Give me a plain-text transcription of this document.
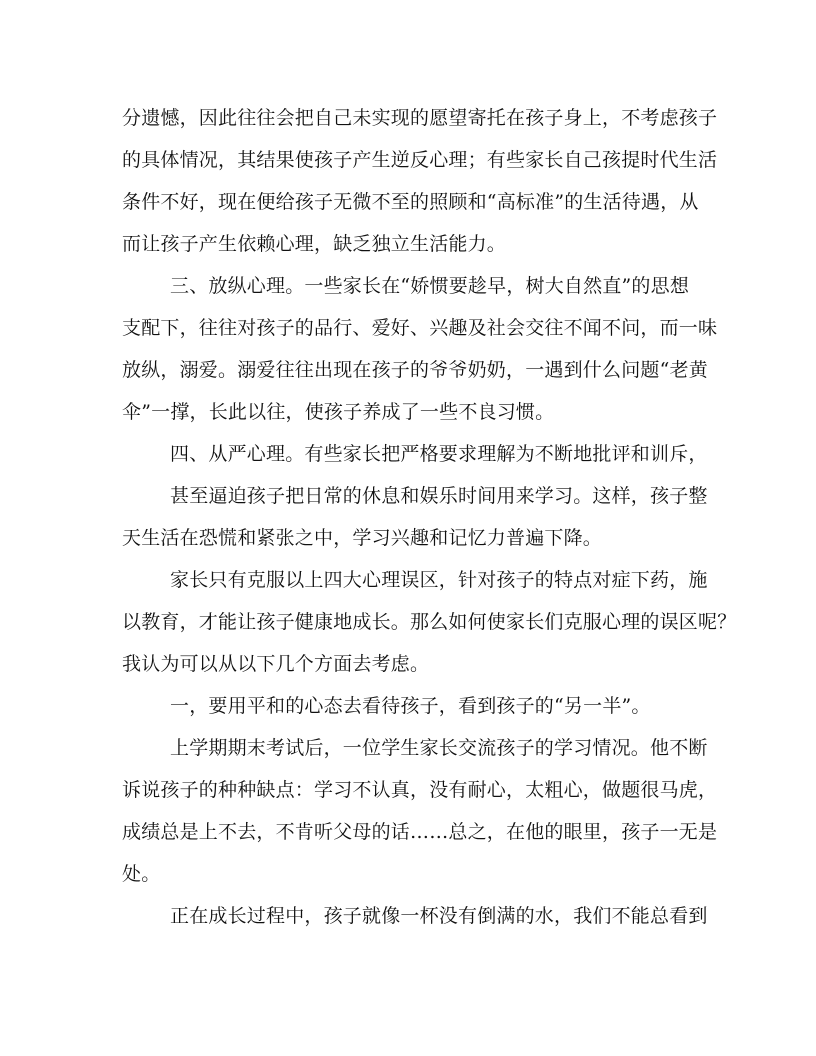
分遗憾，因此往往会把自己未实现的愿望寄托在孩子身上，不考虑孩子
的具体情况，其结果使孩子产生逆反心理；有些家长自己孩提时代生活
条件不好，现在便给孩子无微不至的照顾和“高标准”的生活待遇，从
而让孩子产生依赖心理，缺乏独立生活能力。
三、放纵心理。一些家长在“娇惯要趁早，树大自然直”的思想
支配下，往往对孩子的品行、爱好、兴趣及社会交往不闻不问，而一味
放纵，溺爱。溺爱往往出现在孩子的爷爷奶奶，一遇到什么问题“老黄
伞”一撑，长此以往，使孩子养成了一些不良习惯。
四、从严心理。有些家长把严格要求理解为不断地批评和训斥，
甚至逼迫孩子把日常的休息和娱乐时间用来学习。这样，孩子整
天生活在恐慌和紧张之中，学习兴趣和记忆力普遍下降。
家长只有克服以上四大心理误区，针对孩子的特点对症下药，施
以教育，才能让孩子健康地成长。那么如何使家长们克服心理的误区呢？
我认为可以从以下几个方面去考虑。
一，要用平和的心态去看待孩子，看到孩子的“另一半”。
上学期期末考试后，一位学生家长交流孩子的学习情况。他不断
诉说孩子的种种缺点：学习不认真，没有耐心，太粗心，做题很马虎，
成绩总是上不去，不肯听父母的话……总之，在他的眼里，孩子一无是
处。
正在成长过程中，孩子就像一杯没有倒满的水，我们不能总看到
